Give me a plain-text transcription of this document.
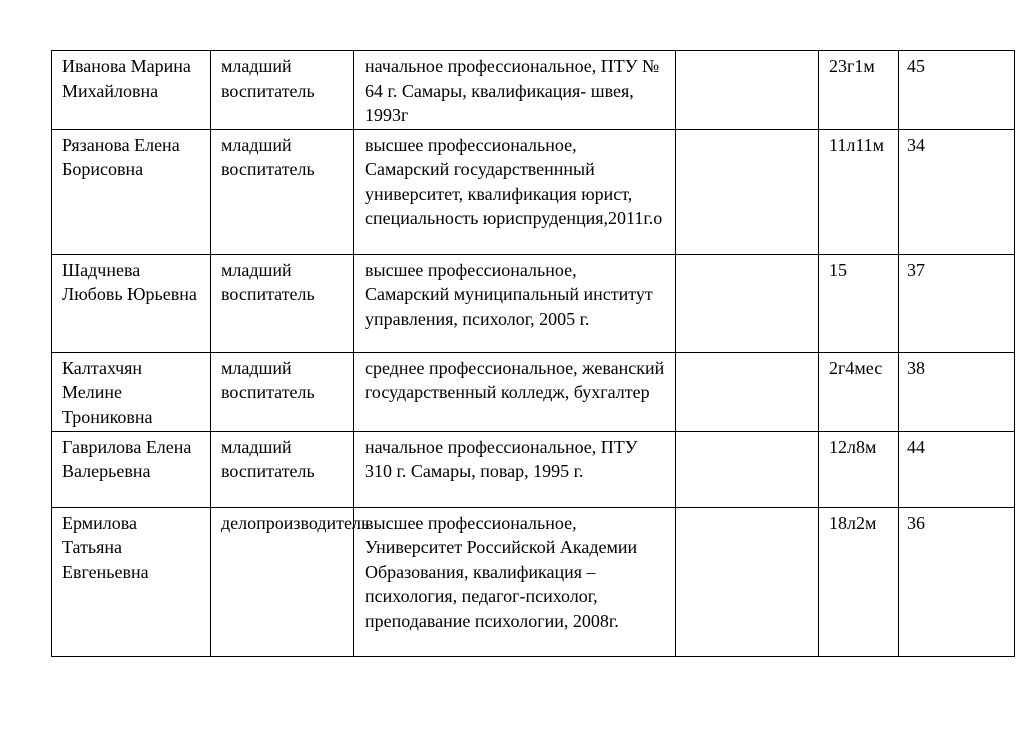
Иванова Марина Михайловна	младший воспитатель	начальное профессиональное, ПТУ № 64 г. Самары, квалификация- швея, 1993г		23г1м	45
Рязанова Елена Борисовна	младший воспитатель	высшее профессиональное, Самарский государственнный университет, квалификация юрист, специальность юриспруденция,2011г.о		11л11м	34
Шадчнева Любовь Юрьевна	младший воспитатель	высшее профессиональное, Самарский муниципальный институт управления, психолог, 2005 г.		15	37
Калтахчян Мелине Трониковна	младший воспитатель	среднее профессиональное, жеванский государственный колледж, бухгалтер		2г4мес	38
Гаврилова Елена Валерьевна	младший воспитатель	начальное профессиональное, ПТУ 310 г. Самары, повар, 1995 г.		12л8м	44
Ермилова Татьяна Евгеньевна	делопроизводитель	высшее профессиональное, Университет Российской Академии Образования, квалификация – психология, педагог-психолог, преподавание психологии, 2008г.		18л2м	36
